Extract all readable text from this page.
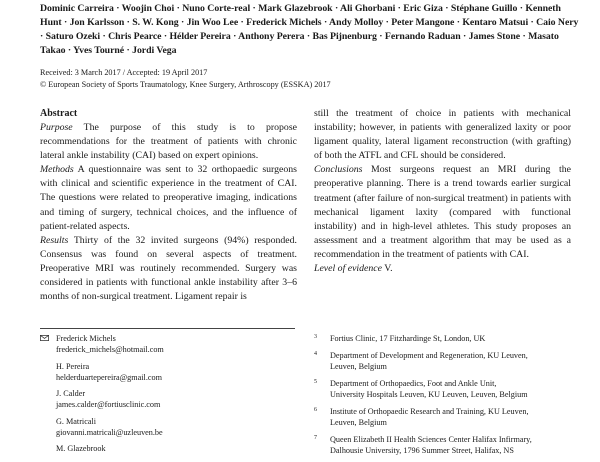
Dominic Carreira · Woojin Choi · Nuno Corte-real · Mark Glazebrook · Ali Ghorbani · Eric Giza · Stéphane Guillo · Kenneth Hunt · Jon Karlsson · S. W. Kong · Jin Woo Lee · Frederick Michels · Andy Molloy · Peter Mangone · Kentaro Matsui · Caio Nery · Saturo Ozeki · Chris Pearce · Hélder Pereira · Anthony Perera · Bas Pijnenburg · Fernando Raduan · James Stone · Masato Takao · Yves Tourné · Jordi Vega
Received: 3 March 2017 / Accepted: 19 April 2017
© European Society of Sports Traumatology, Knee Surgery, Arthroscopy (ESSKA) 2017

Abstract

Purpose The purpose of this study is to propose recommendations for the treatment of patients with chronic lateral ankle instability (CAI) based on expert opinions.

Methods A questionnaire was sent to 32 orthopaedic surgeons with clinical and scientific experience in the treatment of CAI. The questions were related to preoperative imaging, indications and timing of surgery, technical choices, and the influence of patient-related aspects.

Results Thirty of the 32 invited surgeons (94%) responded. Consensus was found on several aspects of treatment. Preoperative MRI was routinely recommended. Surgery was considered in patients with functional ankle instability after 3–6 months of non-surgical treatment. Ligament repair is

still the treatment of choice in patients with mechanical instability; however, in patients with generalized laxity or poor ligament quality, lateral ligament reconstruction (with grafting) of both the ATFL and CFL should be considered.

Conclusions Most surgeons request an MRI during the preoperative planning. There is a trend towards earlier surgical treatment (after failure of non-surgical treatment) in patients with mechanical ligament laxity (compared with functional instability) and in high-level athletes. This study proposes an assessment and a treatment algorithm that may be used as a recommendation in the treatment of patients with CAI.

Level of evidence V.

Frederick Michels
frederick_michels@hotmail.com
H. Pereira
helderduartepereira@gmail.com
J. Calder
james.calder@fortiusclinic.com
G. Matricali
giovanni.matricali@uzleuven.be
M. Glazebrook
3 Fortius Clinic, 17 Fitzhardinge St, London, UK
4 Department of Development and Regeneration, KU Leuven,
Leuven, Belgium
5 Department of Orthopaedics, Foot and Ankle Unit,
University Hospitals Leuven, KU Leuven, Leuven, Belgium
6 Institute of Orthopaedic Research and Training, KU Leuven,
Leuven, Belgium
7 Queen Elizabeth II Health Sciences Center Halifax Infirmary,
Dalhousie University, 1796 Summer Street, Halifax, NS
